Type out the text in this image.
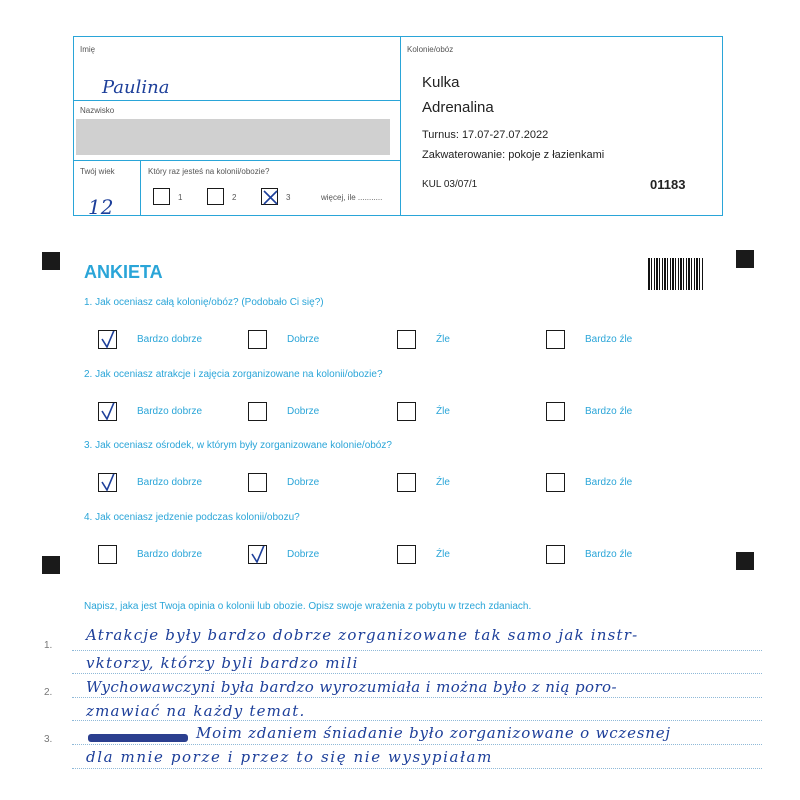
Imię
Paulina
Nazwisko
Twój wiek
12
Który raz jesteś na kolonii/obozie?
1	2	3	więcej, ile ...........
Kolonie/obóz
Kulka
Adrenalina
Turnus: 17.07-27.07.2022
Zakwaterowanie: pokoje z łazienkami
KUL 03/07/1	01183
ANKIETA
1. Jak oceniasz całą kolonię/obóz? (Podobało Ci się?)
Bardzo dobrze	Dobrze	Źle	Bardzo źle
2. Jak oceniasz atrakcje i zajęcia zorganizowane na kolonii/obozie?
Bardzo dobrze	Dobrze	Źle	Bardzo źle
3. Jak oceniasz ośrodek, w którym były zorganizowane kolonie/obóz?
Bardzo dobrze	Dobrze	Źle	Bardzo źle
4. Jak oceniasz jedzenie podczas kolonii/obozu?
Bardzo dobrze	Dobrze	Źle	Bardzo źle
Napisz, jaka jest Twoja opinia o kolonii lub obozie. Opisz swoje wrażenia z pobytu w trzech zdaniach.
1.
2.
3.
Atrakcje były bardzo dobrze zorganizowane tak samo jak instr-
vktorzy, którzy byli bardzo mili
Wychowawczyni była bardzo wyrozumiała i można było z nią poro-
zmawiać na każdy temat.
Moim zdaniem śniadanie było zorganizowane o wczesnej
dla mnie porze i przez to się nie wysypiałam
